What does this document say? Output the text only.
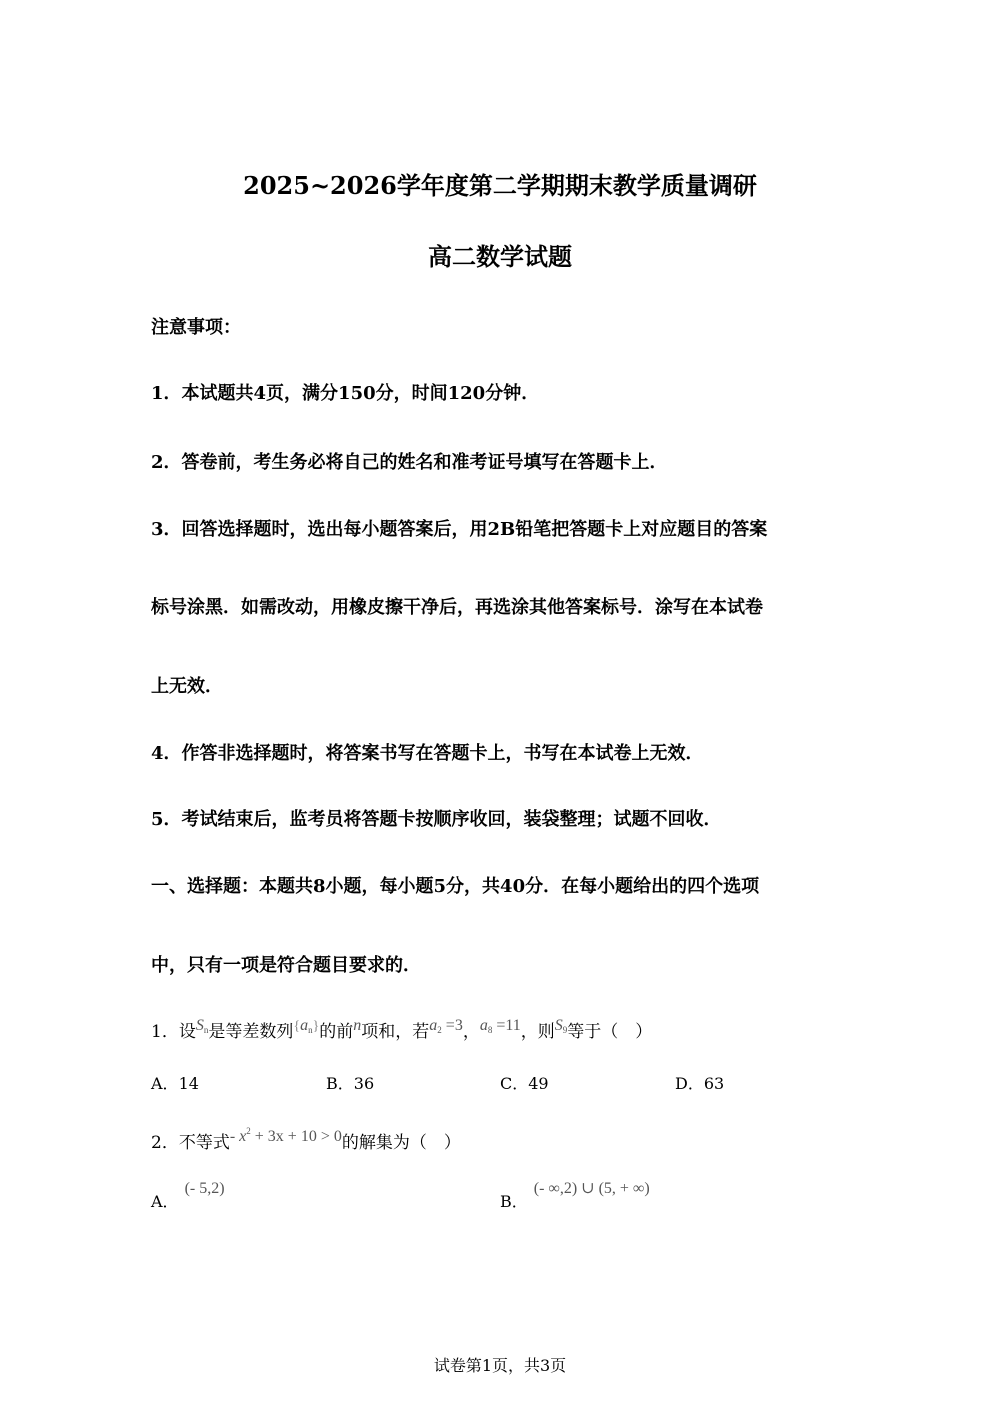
2025~2026学年度第二学期期末教学质量调研
高二数学试题
注意事项：
1．本试题共4页，满分150分，时间120分钟．
2．答卷前，考生务必将自己的姓名和准考证号填写在答题卡上．
3．回答选择题时，选出每小题答案后，用2B铅笔把答题卡上对应题目的答案
标号涂黑．如需改动，用橡皮擦干净后，再选涂其他答案标号．涂写在本试卷
上无效．
4．作答非选择题时，将答案书写在答题卡上，书写在本试卷上无效．
5．考试结束后，监考员将答题卡按顺序收回，装袋整理；试题不回收．
一、选择题：本题共8小题，每小题5分，共40分．在每小题给出的四个选项
中，只有一项是符合题目要求的．
1．设$S_n$是等差数列$\{a_n\}$的前n项和，若$a_2 =3$，$a_8 =11$，则$S_9$等于（　）
A．14	B．36	C．49	D．63
2．不等式- $x^2 + 3x + 10 > 0$的解集为（　）
A．(- 5,2)
B．(- ∞,2) ∪ (5, + ∞)
试卷第1页，共3页
